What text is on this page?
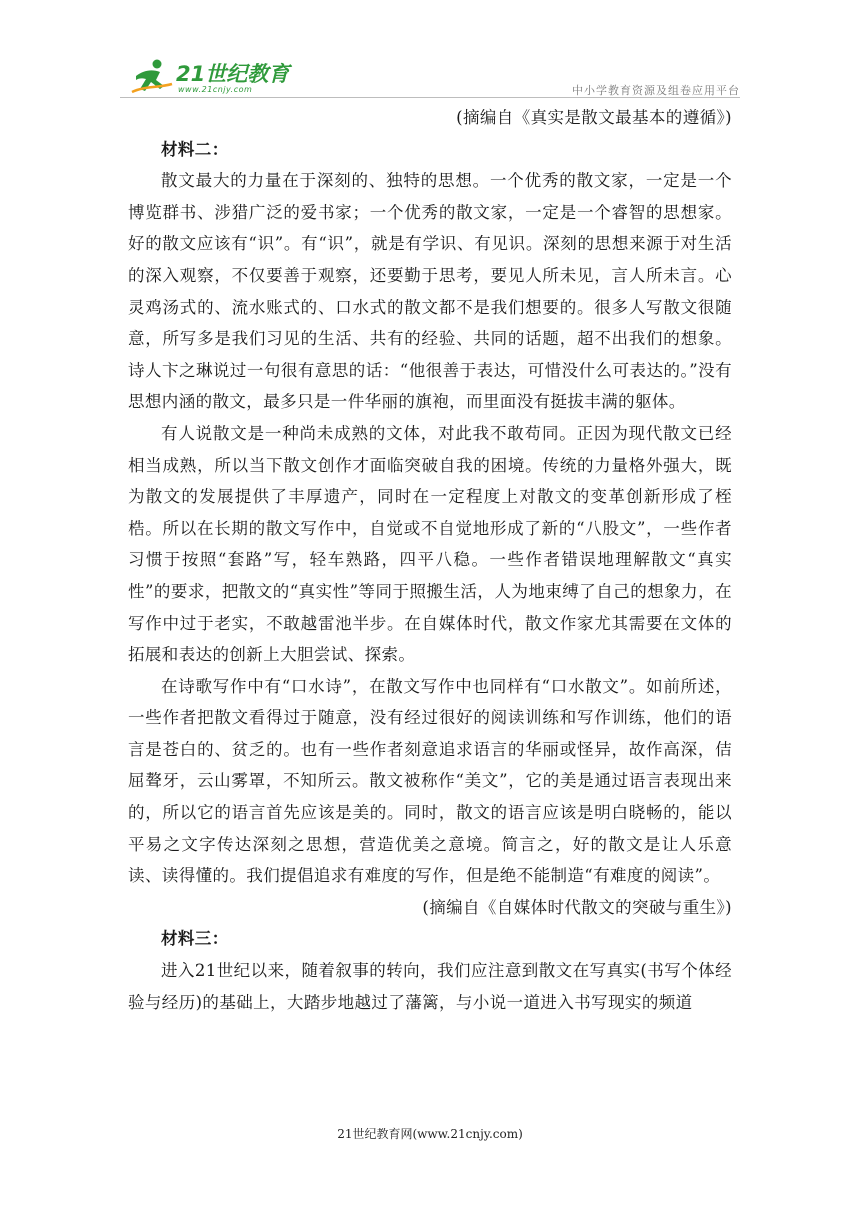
21世纪教育
www.21cnjy.com	中小学教育资源及组卷应用平台

(摘编自《真实是散文最基本的遵循》)

材料二：

散文最大的力量在于深刻的、独特的思想。一个优秀的散文家，一定是一个博览群书、涉猎广泛的爱书家；一个优秀的散文家，一定是一个睿智的思想家。好的散文应该有“识”。有“识”，就是有学识、有见识。深刻的思想来源于对生活的深入观察，不仅要善于观察，还要勤于思考，要见人所未见，言人所未言。心灵鸡汤式的、流水账式的、口水式的散文都不是我们想要的。很多人写散文很随意，所写多是我们习见的生活、共有的经验、共同的话题，超不出我们的想象。诗人卞之琳说过一句很有意思的话：“他很善于表达，可惜没什么可表达的。”没有思想内涵的散文，最多只是一件华丽的旗袍，而里面没有挺拔丰满的躯体。

有人说散文是一种尚未成熟的文体，对此我不敢苟同。正因为现代散文已经相当成熟，所以当下散文创作才面临突破自我的困境。传统的力量格外强大，既为散文的发展提供了丰厚遗产，同时在一定程度上对散文的变革创新形成了桎梏。所以在长期的散文写作中，自觉或不自觉地形成了新的“八股文”，一些作者习惯于按照“套路”写，轻车熟路，四平八稳。一些作者错误地理解散文“真实性”的要求，把散文的“真实性”等同于照搬生活，人为地束缚了自己的想象力，在写作中过于老实，不敢越雷池半步。在自媒体时代，散文作家尤其需要在文体的拓展和表达的创新上大胆尝试、探索。

在诗歌写作中有“口水诗”，在散文写作中也同样有“口水散文”。如前所述，一些作者把散文看得过于随意，没有经过很好的阅读训练和写作训练，他们的语言是苍白的、贫乏的。也有一些作者刻意追求语言的华丽或怪异，故作高深，佶屈聱牙，云山雾罩，不知所云。散文被称作“美文”，它的美是通过语言表现出来的，所以它的语言首先应该是美的。同时，散文的语言应该是明白晓畅的，能以平易之文字传达深刻之思想，营造优美之意境。简言之，好的散文是让人乐意读、读得懂的。我们提倡追求有难度的写作，但是绝不能制造“有难度的阅读”。

(摘编自《自媒体时代散文的突破与重生》)

材料三：

进入21世纪以来，随着叙事的转向，我们应注意到散文在写真实(书写个体经验与经历)的基础上，大踏步地越过了藩篱，与小说一道进入书写现实的频道

21世纪教育网(www.21cnjy.com)
